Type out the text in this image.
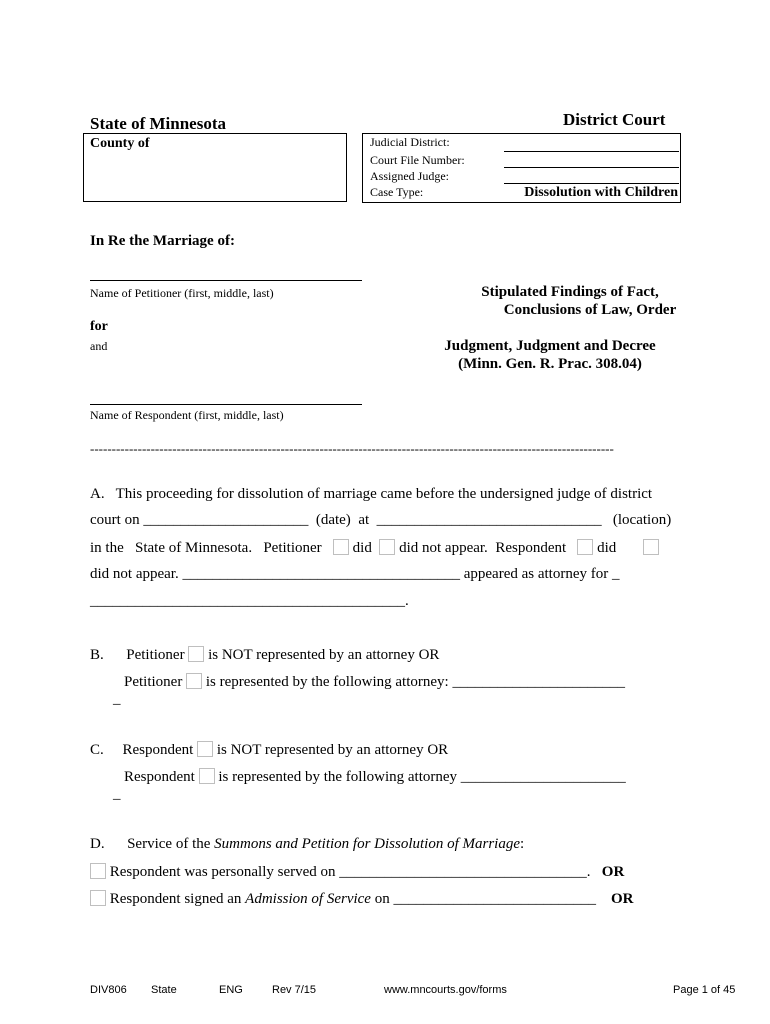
State of Minnesota	District Court
County of	Judicial District:
Court File Number:
Assigned Judge:
Case Type:	Dissolution with Children
In Re the Marriage of:
Name of Petitioner (first, middle, last)
for
and
Name of Respondent (first, middle, last)
Stipulated Findings of Fact,
Conclusions of Law, Order
Judgment, Judgment and Decree
(Minn. Gen. R. Prac. 308.04)
-------------------------------------------------------------------------------------------------------------------------
A. This proceeding for dissolution of marriage came before the undersigned judge of district
court on ______________________ (date) at ______________________________ (location)
in the State of Minnesota. Petitioner did did not appear. Respondent did
did not appear. _____________________________________ appeared as attorney for _
__________________________________________.
B. Petitioner is NOT represented by an attorney OR
Petitioner is represented by the following attorney: _______________________
_
C. Respondent is NOT represented by an attorney OR
Respondent is represented by the following attorney ______________________
_
D. Service of the Summons and Petition for Dissolution of Marriage:
Respondent was personally served on _________________________________. OR
Respondent signed an Admission of Service on ___________________________ OR
DIV806 State	ENG	Rev 7/15	www.mncourts.gov/forms	Page 1 of 45
